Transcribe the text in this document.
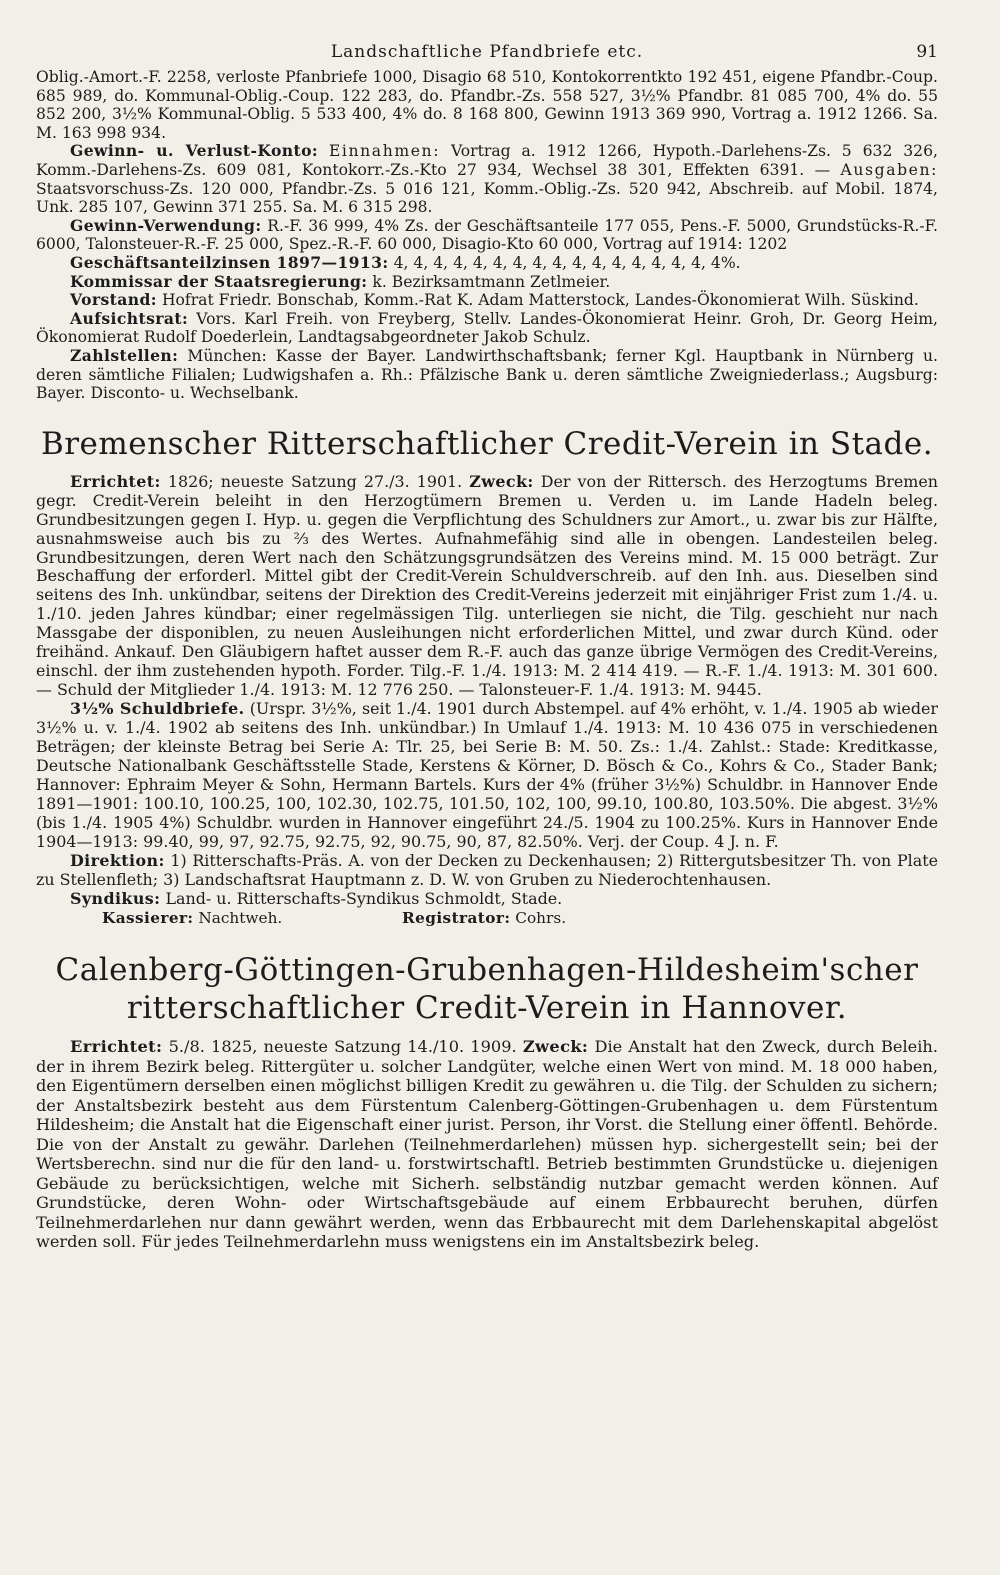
Landschaftliche Pfandbriefe etc.	91

Oblig.-Amort.-F. 2258, verloste Pfanbriefe 1000, Disagio 68 510, Kontokorrentkto 192 451, eigene Pfandbr.-Coup. 685 989, do. Kommunal-Oblig.-Coup. 122 283, do. Pfandbr.-Zs. 558 527, 3½% Pfandbr. 81 085 700, 4% do. 55 852 200, 3½% Kommunal-Oblig. 5 533 400, 4% do. 8 168 800, Gewinn 1913 369 990, Vortrag a. 1912 1266. Sa. M. 163 998 934.

Gewinn- u. Verlust-Konto: Einnahmen: Vortrag a. 1912 1266, Hypoth.-Darlehens-Zs. 5 632 326, Komm.-Darlehens-Zs. 609 081, Kontokorr.-Zs.-Kto 27 934, Wechsel 38 301, Effekten 6391. — Ausgaben: Staatsvorschuss-Zs. 120 000, Pfandbr.-Zs. 5 016 121, Komm.-Oblig.-Zs. 520 942, Abschreib. auf Mobil. 1874, Unk. 285 107, Gewinn 371 255. Sa. M. 6 315 298.

Gewinn-Verwendung: R.-F. 36 999, 4% Zs. der Geschäftsanteile 177 055, Pens.-F. 5000, Grundstücks-R.-F. 6000, Talonsteuer-R.-F. 25 000, Spez.-R.-F. 60 000, Disagio-Kto 60 000, Vortrag auf 1914: 1202

Geschäftsanteilzinsen 1897—1913: 4, 4, 4, 4, 4, 4, 4, 4, 4, 4, 4, 4, 4, 4, 4, 4, 4%.

Kommissar der Staatsregierung: k. Bezirksamtmann Zetlmeier.

Vorstand: Hofrat Friedr. Bonschab, Komm.-Rat K. Adam Matterstock, Landes-Ökonomierat Wilh. Süskind.

Aufsichtsrat: Vors. Karl Freih. von Freyberg, Stellv. Landes-Ökonomierat Heinr. Groh, Dr. Georg Heim, Ökonomierat Rudolf Doederlein, Landtagsabgeordneter Jakob Schulz.

Zahlstellen: München: Kasse der Bayer. Landwirthschaftsbank; ferner Kgl. Hauptbank in Nürnberg u. deren sämtliche Filialen; Ludwigshafen a. Rh.: Pfälzische Bank u. deren sämtliche Zweigniederlass.; Augsburg: Bayer. Disconto- u. Wechselbank.

Bremenscher Ritterschaftlicher Credit-Verein in Stade.

Errichtet: 1826; neueste Satzung 27./3. 1901. Zweck: Der von der Rittersch. des Herzogtums Bremen gegr. Credit-Verein beleiht in den Herzogtümern Bremen u. Verden u. im Lande Hadeln beleg. Grundbesitzungen gegen I. Hyp. u. gegen die Verpflichtung des Schuldners zur Amort., u. zwar bis zur Hälfte, ausnahmsweise auch bis zu ⅔ des Wertes. Aufnahmefähig sind alle in obengen. Landesteilen beleg. Grundbesitzungen, deren Wert nach den Schätzungsgrundsätzen des Vereins mind. M. 15 000 beträgt. Zur Beschaffung der erforderl. Mittel gibt der Credit-Verein Schuldverschreib. auf den Inh. aus. Dieselben sind seitens des Inh. unkündbar, seitens der Direktion des Credit-Vereins jederzeit mit einjähriger Frist zum 1./4. u. 1./10. jeden Jahres kündbar; einer regelmässigen Tilg. unterliegen sie nicht, die Tilg. geschieht nur nach Massgabe der disponiblen, zu neuen Ausleihungen nicht erforderlichen Mittel, und zwar durch Künd. oder freihänd. Ankauf. Den Gläubigern haftet ausser dem R.-F. auch das ganze übrige Vermögen des Credit-Vereins, einschl. der ihm zustehenden hypoth. Forder. Tilg.-F. 1./4. 1913: M. 2 414 419. — R.-F. 1./4. 1913: M. 301 600. — Schuld der Mitglieder 1./4. 1913: M. 12 776 250. — Talonsteuer-F. 1./4. 1913: M. 9445.

3½% Schuldbriefe. (Urspr. 3½%, seit 1./4. 1901 durch Abstempel. auf 4% erhöht, v. 1./4. 1905 ab wieder 3½% u. v. 1./4. 1902 ab seitens des Inh. unkündbar.) In Umlauf 1./4. 1913: M. 10 436 075 in verschiedenen Beträgen; der kleinste Betrag bei Serie A: Tlr. 25, bei Serie B: M. 50. Zs.: 1./4. Zahlst.: Stade: Kreditkasse, Deutsche Nationalbank Geschäftsstelle Stade, Kerstens & Körner, D. Bösch & Co., Kohrs & Co., Stader Bank; Hannover: Ephraim Meyer & Sohn, Hermann Bartels. Kurs der 4% (früher 3½%) Schuldbr. in Hannover Ende 1891—1901: 100.10, 100.25, 100, 102.30, 102.75, 101.50, 102, 100, 99.10, 100.80, 103.50%. Die abgest. 3½% (bis 1./4. 1905 4%) Schuldbr. wurden in Hannover eingeführt 24./5. 1904 zu 100.25%. Kurs in Hannover Ende 1904—1913: 99.40, 99, 97, 92.75, 92.75, 92, 90.75, 90, 87, 82.50%. Verj. der Coup. 4 J. n. F.

Direktion: 1) Ritterschafts-Präs. A. von der Decken zu Deckenhausen; 2) Rittergutsbesitzer Th. von Plate zu Stellenfleth; 3) Landschaftsrat Hauptmann z. D. W. von Gruben zu Niederochtenhausen.

Syndikus: Land- u. Ritterschafts-Syndikus Schmoldt, Stade.

Kassierer: Nachtweh.	Registrator: Cohrs.
Calenberg-Göttingen-Grubenhagen-Hildesheim'scher ritterschaftlicher Credit-Verein in Hannover.

Errichtet: 5./8. 1825, neueste Satzung 14./10. 1909. Zweck: Die Anstalt hat den Zweck, durch Beleih. der in ihrem Bezirk beleg. Rittergüter u. solcher Landgüter, welche einen Wert von mind. M. 18 000 haben, den Eigentümern derselben einen möglichst billigen Kredit zu gewähren u. die Tilg. der Schulden zu sichern; der Anstaltsbezirk besteht aus dem Fürstentum Calenberg-Göttingen-Grubenhagen u. dem Fürstentum Hildesheim; die Anstalt hat die Eigenschaft einer jurist. Person, ihr Vorst. die Stellung einer öffentl. Behörde. Die von der Anstalt zu gewähr. Darlehen (Teilnehmerdarlehen) müssen hyp. sichergestellt sein; bei der Wertsberechn. sind nur die für den land- u. forstwirtschaftl. Betrieb bestimmten Grundstücke u. diejenigen Gebäude zu berücksichtigen, welche mit Sicherh. selbständig nutzbar gemacht werden können. Auf Grundstücke, deren Wohn- oder Wirtschaftsgebäude auf einem Erbbaurecht beruhen, dürfen Teilnehmerdarlehen nur dann gewährt werden, wenn das Erbbaurecht mit dem Darlehenskapital abgelöst werden soll. Für jedes Teilnehmerdarlehn muss wenigstens ein im Anstaltsbezirk beleg.
